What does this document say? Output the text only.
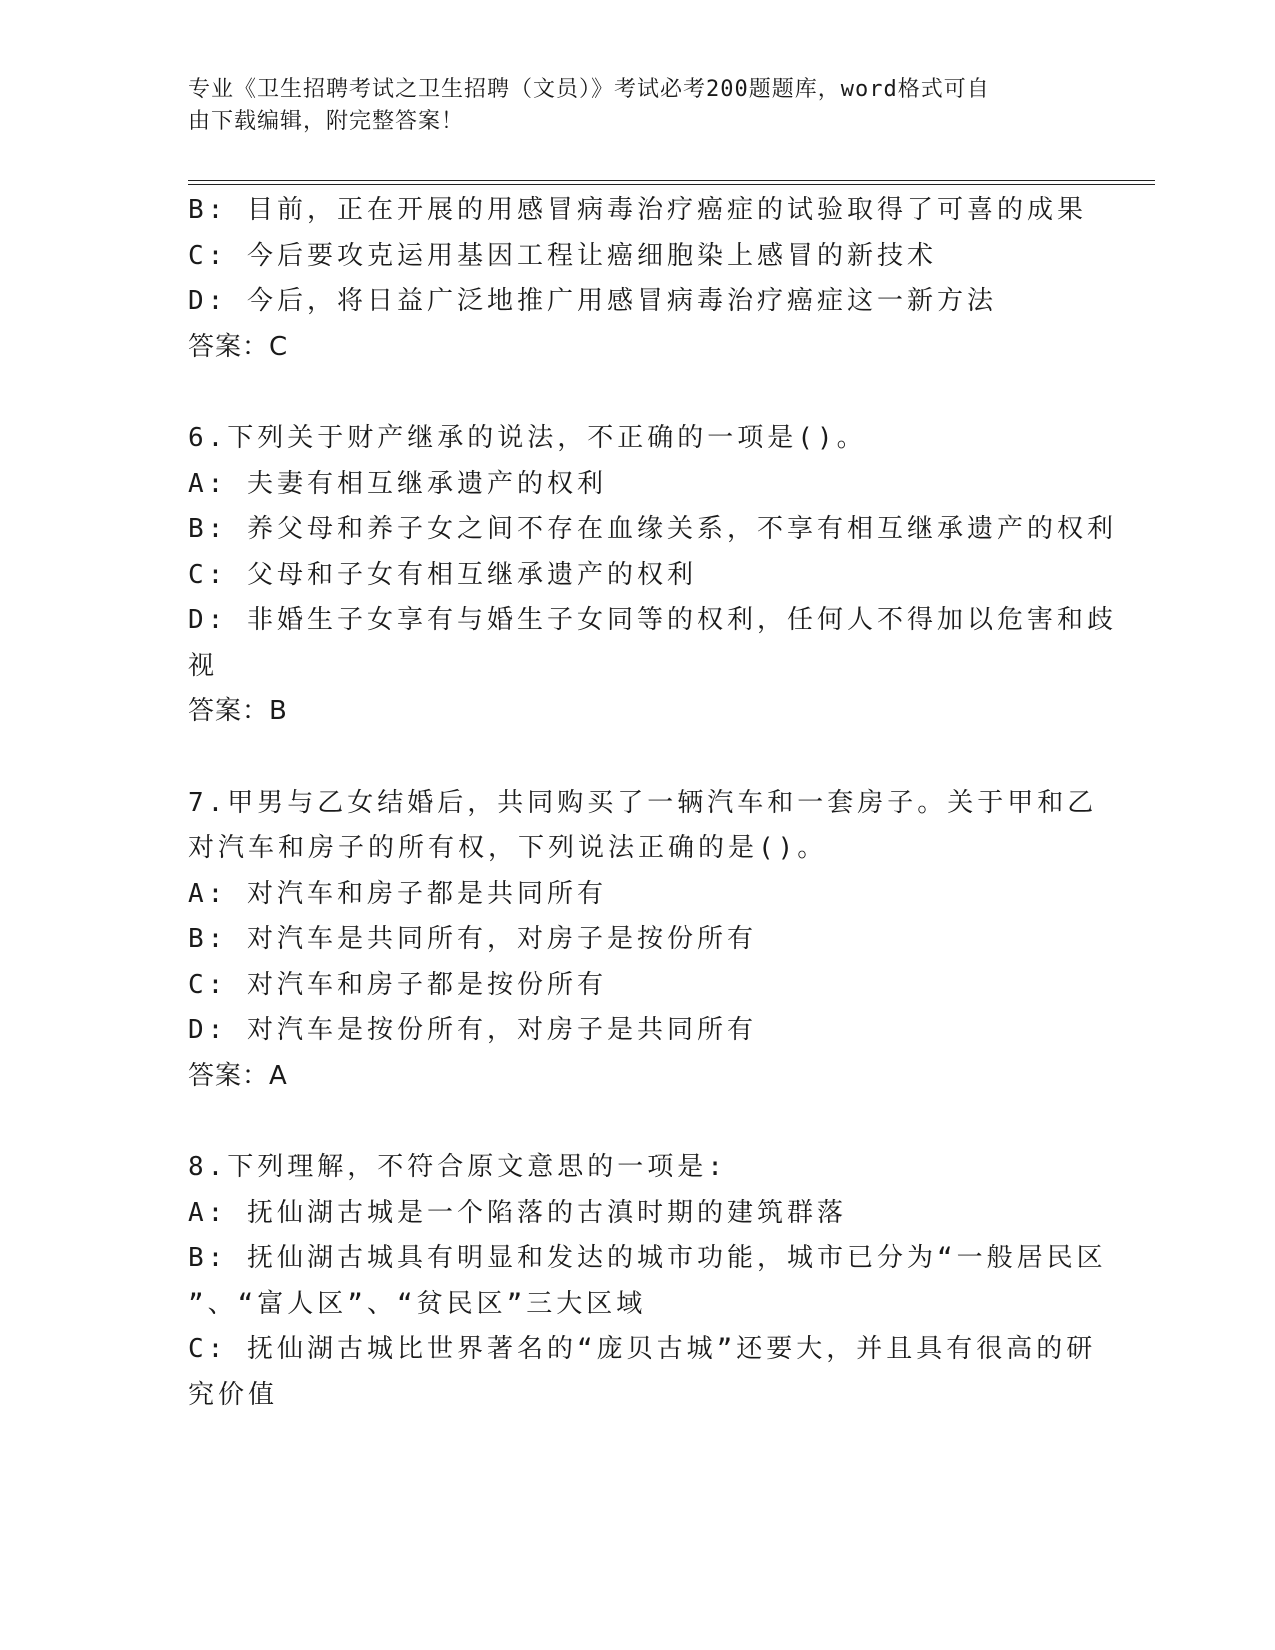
专业《卫生招聘考试之卫生招聘（文员）》考试必考200题题库，word格式可自
由下载编辑，附完整答案！
B: 目前，正在开展的用感冒病毒治疗癌症的试验取得了可喜的成果
C: 今后要攻克运用基因工程让癌细胞染上感冒的新技术
D: 今后，将日益广泛地推广用感冒病毒治疗癌症这一新方法
答案：C
6.下列关于财产继承的说法，不正确的一项是()。
A: 夫妻有相互继承遗产的权利
B: 养父母和养子女之间不存在血缘关系，不享有相互继承遗产的权利
C: 父母和子女有相互继承遗产的权利
D: 非婚生子女享有与婚生子女同等的权利，任何人不得加以危害和歧
视
答案：B
7.甲男与乙女结婚后，共同购买了一辆汽车和一套房子。关于甲和乙
对汽车和房子的所有权，下列说法正确的是()。
A: 对汽车和房子都是共同所有
B: 对汽车是共同所有，对房子是按份所有
C: 对汽车和房子都是按份所有
D: 对汽车是按份所有，对房子是共同所有
答案：A
8.下列理解，不符合原文意思的一项是:
A: 抚仙湖古城是一个陷落的古滇时期的建筑群落
B: 抚仙湖古城具有明显和发达的城市功能，城市已分为“一般居民区
”、“富人区”、“贫民区”三大区域
C: 抚仙湖古城比世界著名的“庞贝古城”还要大，并且具有很高的研
究价值
